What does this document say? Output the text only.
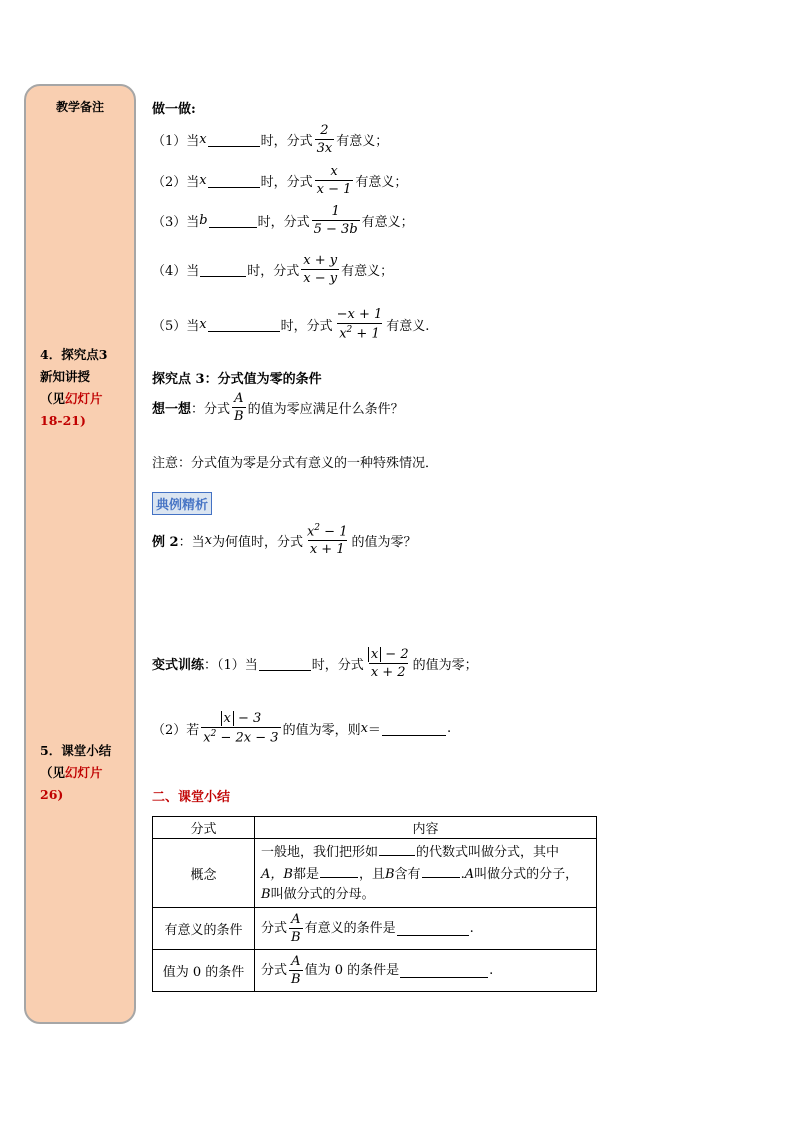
教学备注
4．探究点3
新知讲授
（见幻灯片
18-21)
5．课堂小结
（见幻灯片
26)
做一做:
（1）当 x	时，分式 $\frac{2}{3x}$ 有意义；
（2）当 x	时，分式 $\frac{x}{x - 1}$ 有意义；
（3）当 b	时，分式 $\frac{1}{5 - 3b}$ 有意义；
（4）当	时，分式 $\frac{x + y}{x - y}$ 有意义；
（5）当 x	时，分式 $\frac{-x + 1}{x^2 + 1}$ 有意义.
探究点 3：分式值为零的条件
想一想 ：分式 $\frac{A}{B}$ 的值为零应满足什么条件？
注意：分式值为零是分式有意义的一种特殊情况．
典例精析
例 2 ：当 x 为何值时，分式 $\frac{x^2 - 1}{x + 1}$ 的值为零？
变式训练 ：（1）当	时，分式 $\frac{x - 2}{x + 2}$ 的值为零；
（2）若 $\frac{x - 3}{x^2 - 2x - 3}$ 的值为零，则 x ＝	.
二、课堂小结
分式	内容
概念	一般地，我们把形如 的代数式叫做分式，其中
A，B都是 ，且B含有 .A叫做分式的分子，
B叫做分式的分母。
有意义的条件	分式 $\frac{A}{B}$ 有意义的条件是 .

值为 0 的条件	分式 $\frac{A}{B}$ 值为 0 的条件是 .
